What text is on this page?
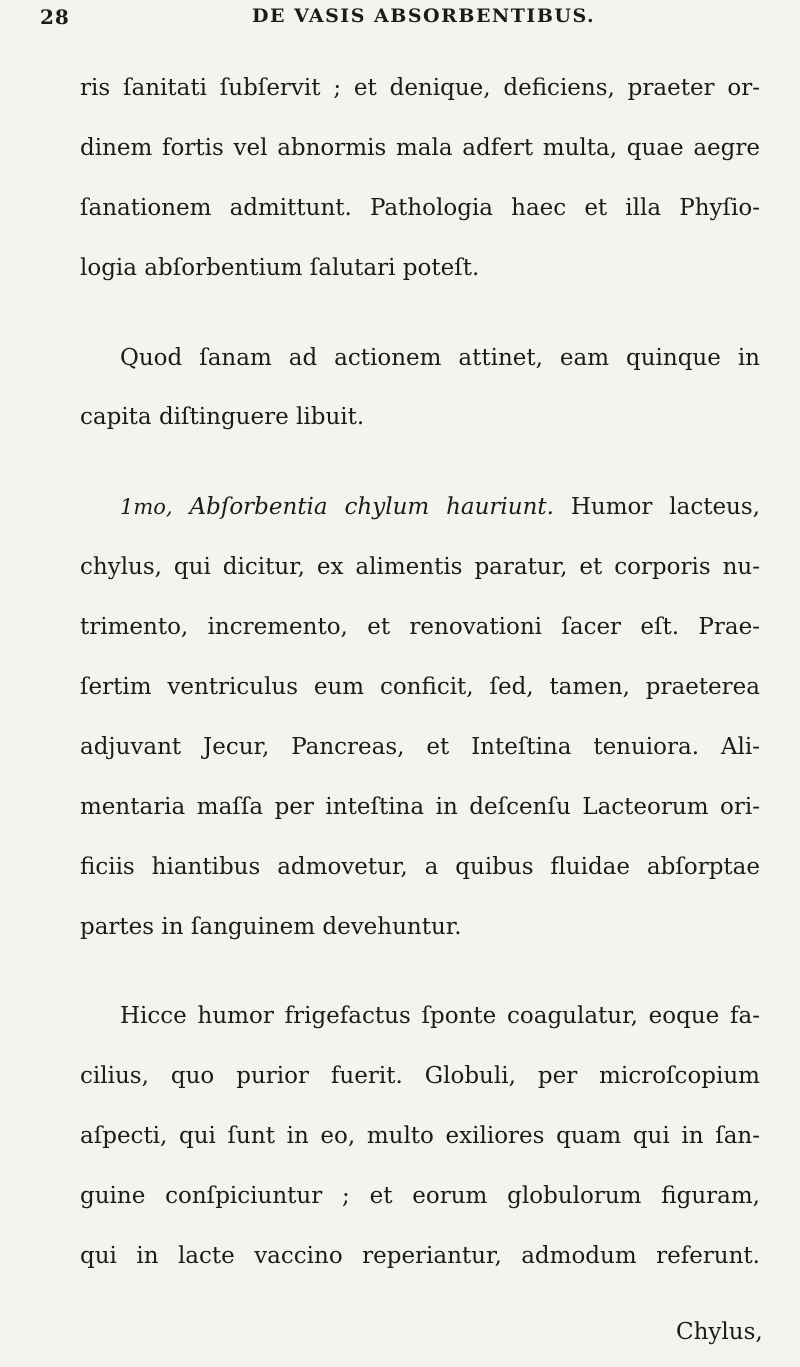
28	DE VASIS ABSORBENTIBUS.
ris ſanitati ſubſervit ; et denique, deficiens, praeter or-
dinem fortis vel abnormis mala adfert multa, quae aegre
ſanationem admittunt. Pathologia haec et illa Phyſio-
logia abſorbentium ſalutari poteſt.
Quod ſanam ad actionem attinet, eam quinque in
capita diſtinguere libuit.
1mo, Abſorbentia chylum hauriunt. Humor lacteus,
chylus, qui dicitur, ex alimentis paratur, et corporis nu-
trimento, incremento, et renovationi ſacer eſt. Prae-
ſertim ventriculus eum conficit, ſed, tamen, praeterea
adjuvant Jecur, Pancreas, et Inteſtina tenuiora. Ali-
mentaria maſſa per inteſtina in deſcenſu Lacteorum ori-
ficiis hiantibus admovetur, a quibus fluidae abſorptae
partes in ſanguinem devehuntur.
Hicce humor frigefactus ſponte coagulatur, eoque fa-
cilius, quo purior fuerit. Globuli, per microſcopium
aſpecti, qui ſunt in eo, multo exiliores quam qui in ſan-
guine conſpiciuntur ; et eorum globulorum figuram,
qui in lacte vaccino reperiantur, admodum referunt.
Chylus,
